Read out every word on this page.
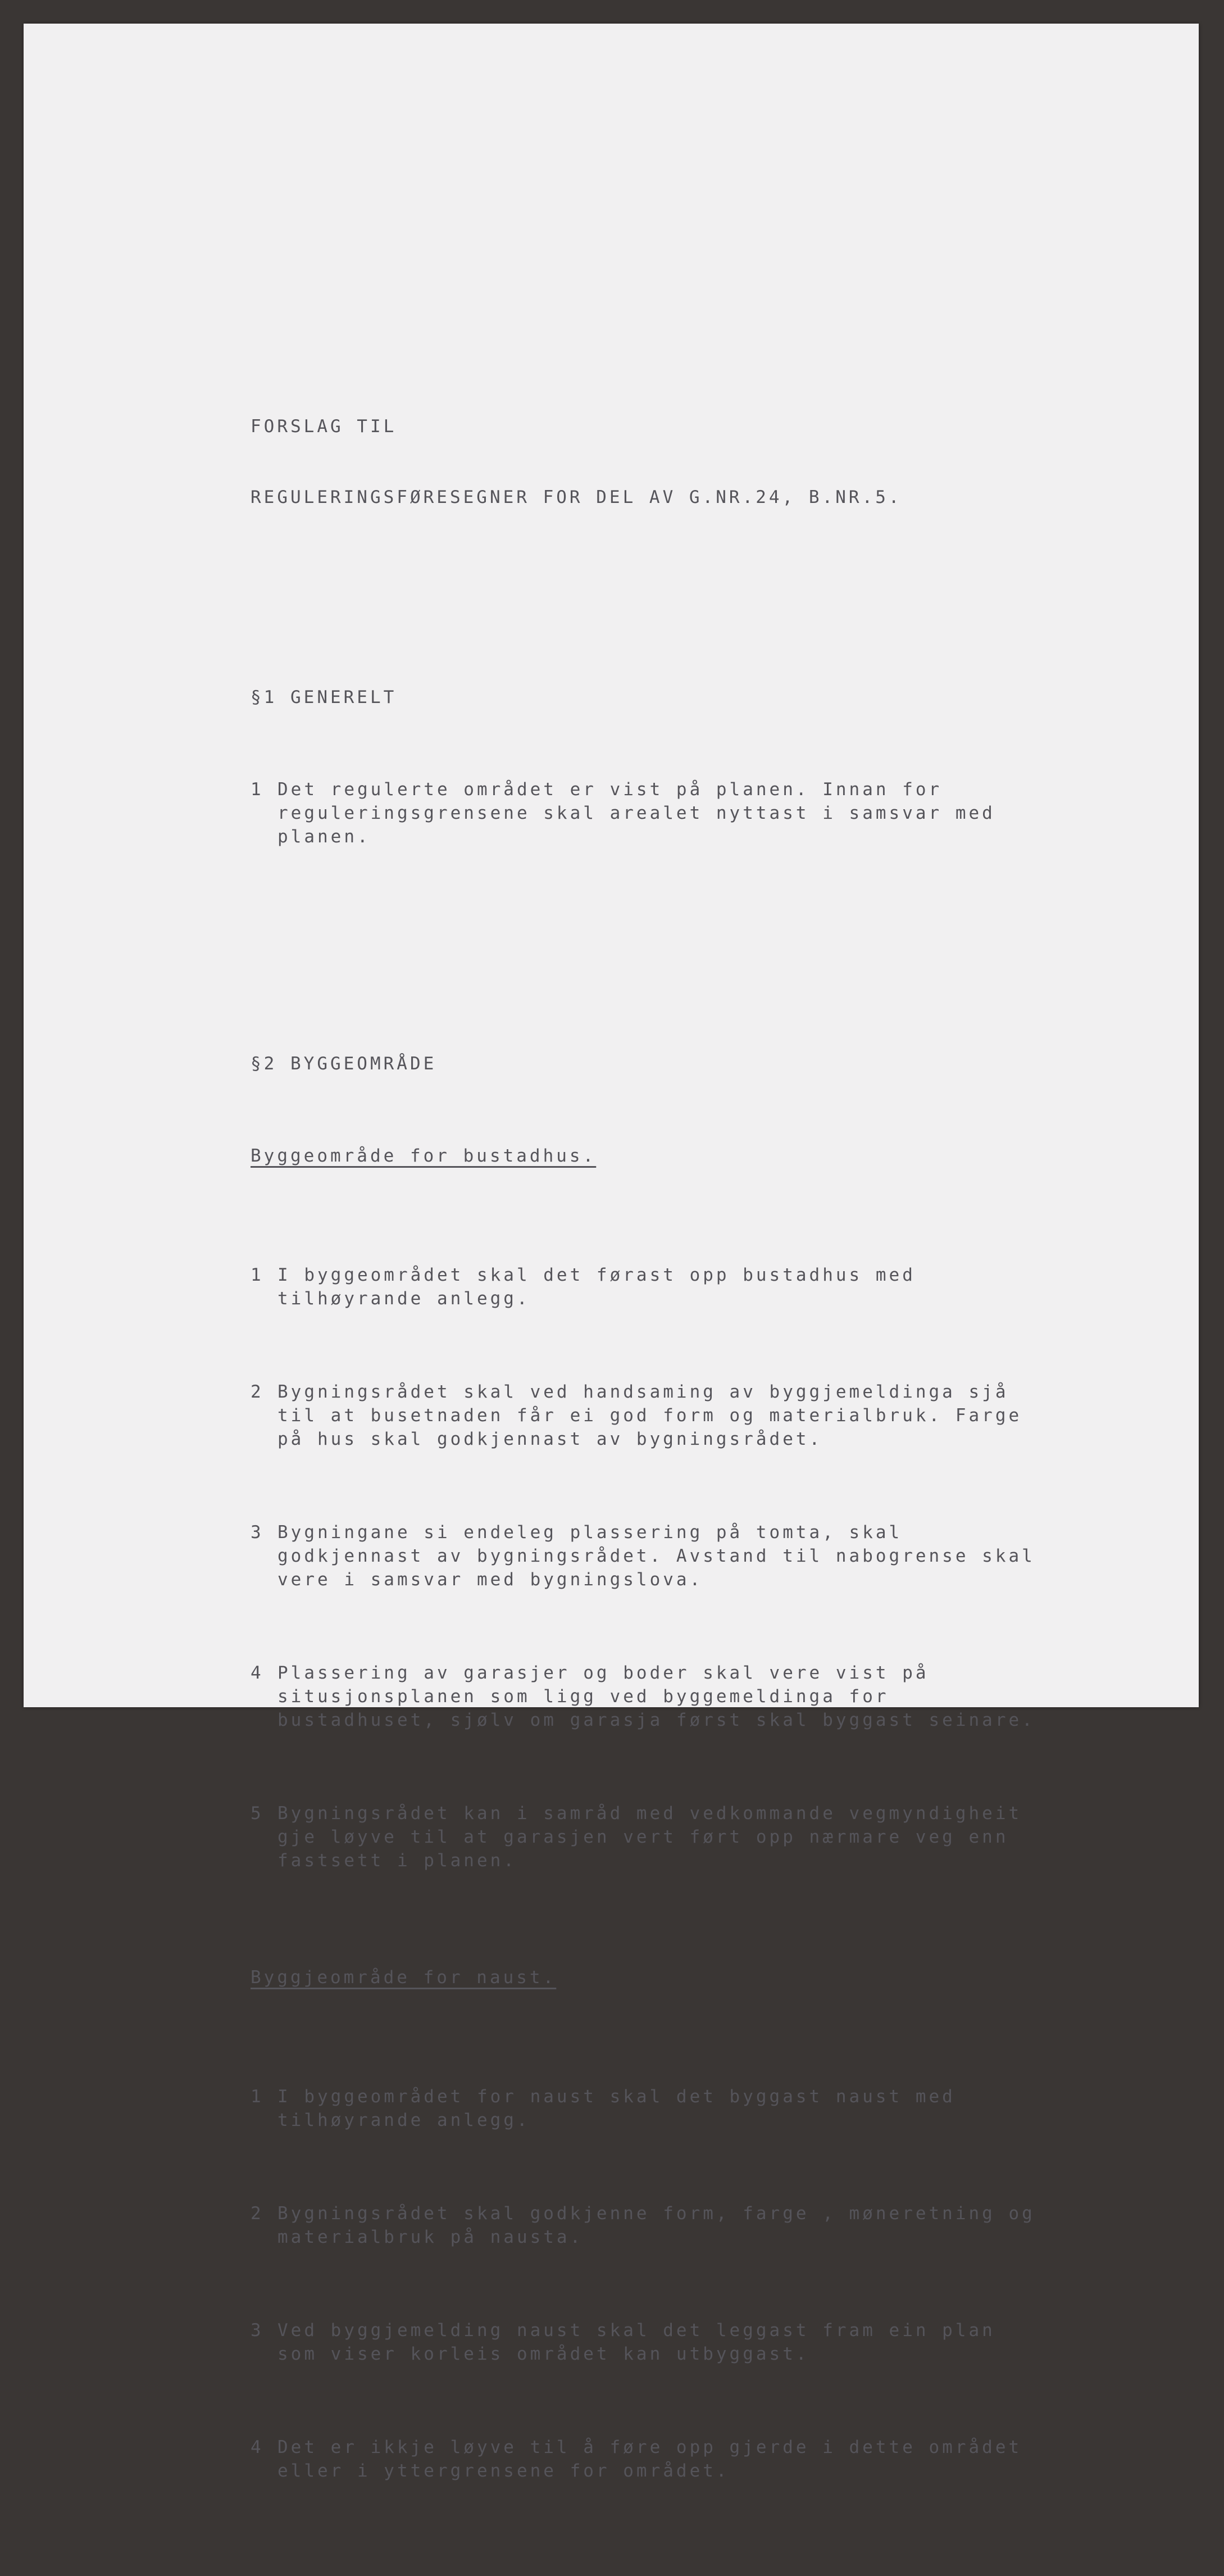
FORSLAG TIL

REGULERINGSFØRESEGNER FOR DEL AV G.NR.24, B.NR.5.

§1 GENERELT

1 Det regulerte området er vist på planen. Innan for
reguleringsgrensene skal arealet nyttast i samsvar med
planen.

§2 BYGGEOMRÅDE

Byggeområde for bustadhus.

1 I byggeområdet skal det førast opp bustadhus med
tilhøyrande anlegg.

2 Bygningsrådet skal ved handsaming av byggjemeldinga sjå
til at busetnaden får ei god form og materialbruk. Farge
på hus skal godkjennast av bygningsrådet.

3 Bygningane si endeleg plassering på tomta, skal
godkjennast av bygningsrådet. Avstand til nabogrense skal
vere i samsvar med bygningslova.

4 Plassering av garasjer og boder skal vere vist på
situsjonsplanen som ligg ved byggemeldinga for
bustadhuset, sjølv om garasja først skal byggast seinare.

5 Bygningsrådet kan i samråd med vedkommande vegmyndigheit
gje løyve til at garasjen vert ført opp nærmare veg enn
fastsett i planen.

Byggjeområde for naust.

1 I byggeområdet for naust skal det byggast naust med
tilhøyrande anlegg.

2 Bygningsrådet skal godkjenne form, farge , møneretning og
materialbruk på nausta.

3 Ved byggjemelding naust skal det leggast fram ein plan
som viser korleis området kan utbyggast.

4 Det er ikkje løyve til å føre opp gjerde i dette området
eller i yttergrensene for området.
